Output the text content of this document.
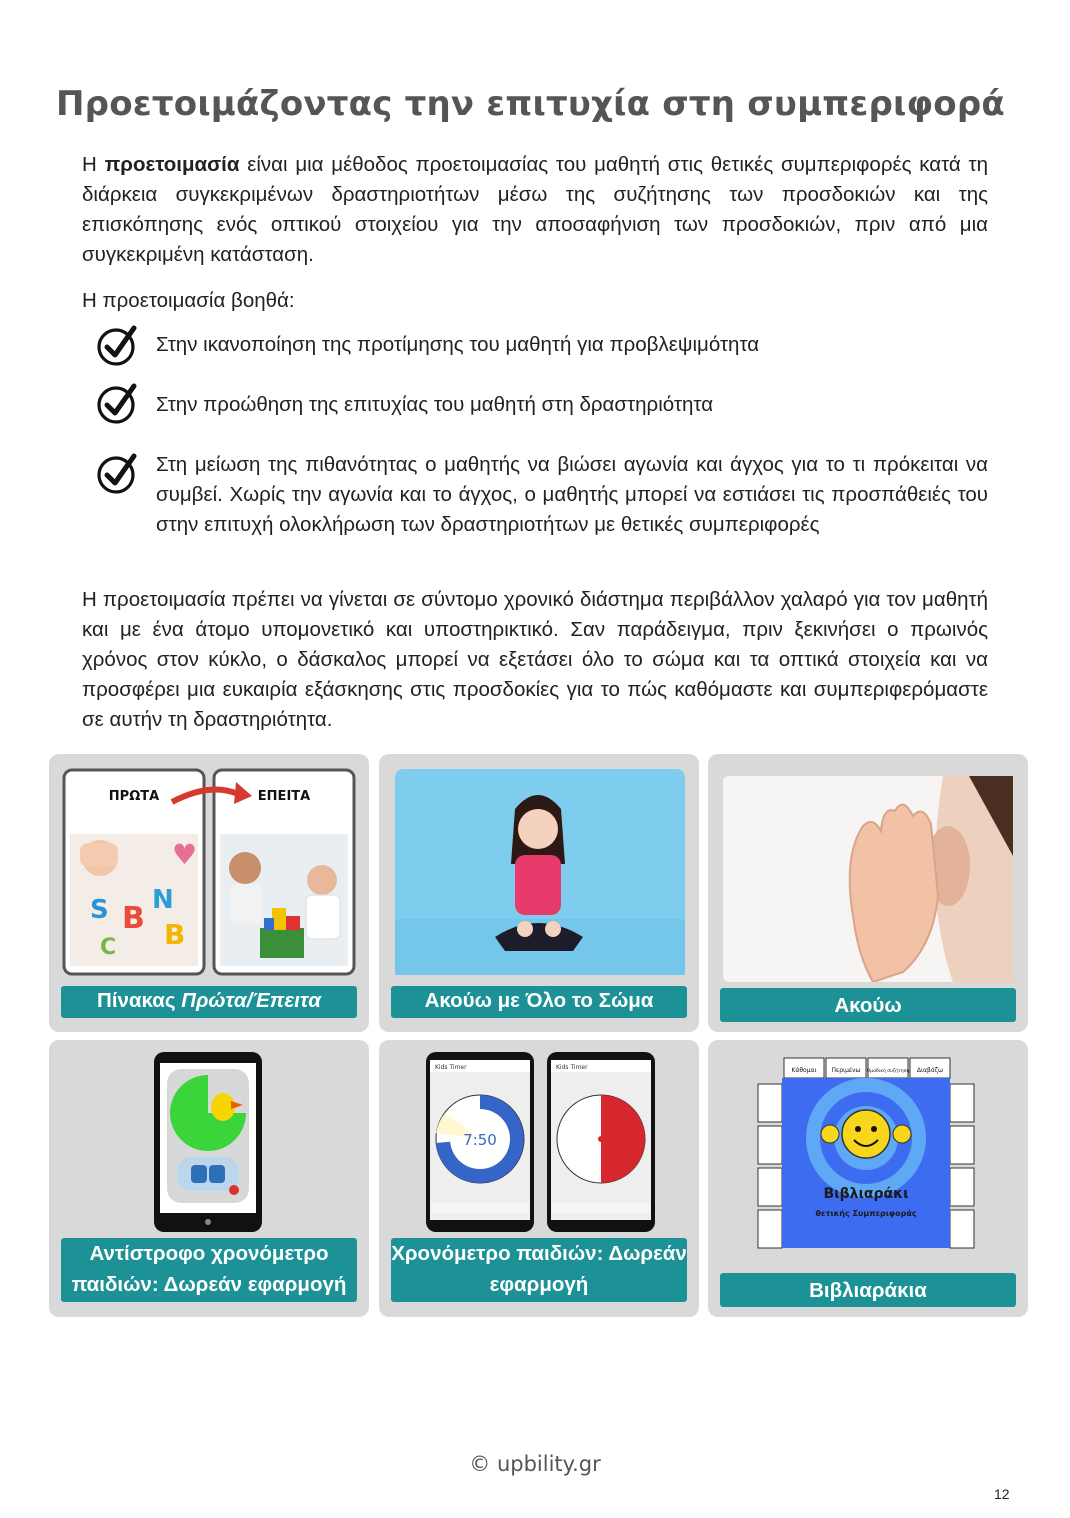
Προετοιμάζοντας την επιτυχία στη συμπεριφορά

Η προετοιμασία είναι μια μέθοδος προετοιμασίας του μαθητή στις θετικές συμπεριφορές κατά τη διάρκεια συγκεκριμένων δραστηριοτήτων μέσω της συζήτησης των προσδοκιών και της επισκόπησης ενός οπτικού στοιχείου για την αποσαφήνιση των προσδοκιών, πριν από μια συγκεκριμένη κατάσταση.

Η προετοιμασία βοηθά:

Στην ικανοποίηση της προτίμησης του μαθητή για προβλεψιμότητα

Στην προώθηση της επιτυχίας του μαθητή στη δραστηριότητα

Στη μείωση της πιθανότητας ο μαθητής να βιώσει αγωνία και άγχος για το τι πρόκειται να συμβεί. Χωρίς την αγωνία και το άγχος, ο μαθητής μπορεί να εστιάσει τις προσπάθειές του στην επιτυχή ολοκλήρωση των δραστηριοτήτων με θετικές συμπεριφορές

Η προετοιμασία πρέπει να γίνεται σε σύντομο χρονικό διάστημα περιβάλλον χαλαρό για τον μαθητή και με ένα άτομο υπομονετικό και υποστηρικτικό. Σαν παράδειγμα, πριν ξεκινήσει ο πρωινός χρόνος στον κύκλο, ο δάσκαλος μπορεί να εξετάσει όλο το σώμα και τα οπτικά στοιχεία και να προσφέρει μια ευκαιρία εξάσκησης στις προσδοκίες για το πώς καθόμαστε και συμπεριφερόμαστε σε αυτήν τη δραστηριότητα.

ΠΡΩΤΑ	ΕΠΕΙΤΑ
♥
S B
N
B
C
Πίνακας Πρώτα/Έπειτα	Ακούω με Όλο το Σώμα	Ακούω
Αντίστροφο χρονόμετρο παιδιών: Δωρεάν εφαρμογή
Kids Timer
7:50
Kids Timer
Χρονόμετρο παιδιών: Δωρεάν εφαρμογή
Κάθομαι Περιμένω Ομαδική συζήτηση Διαβάζω
Βιβλιαράκι
θετικής Συμπεριφοράς
Βιβλιαράκια
© upbility.gr
12
